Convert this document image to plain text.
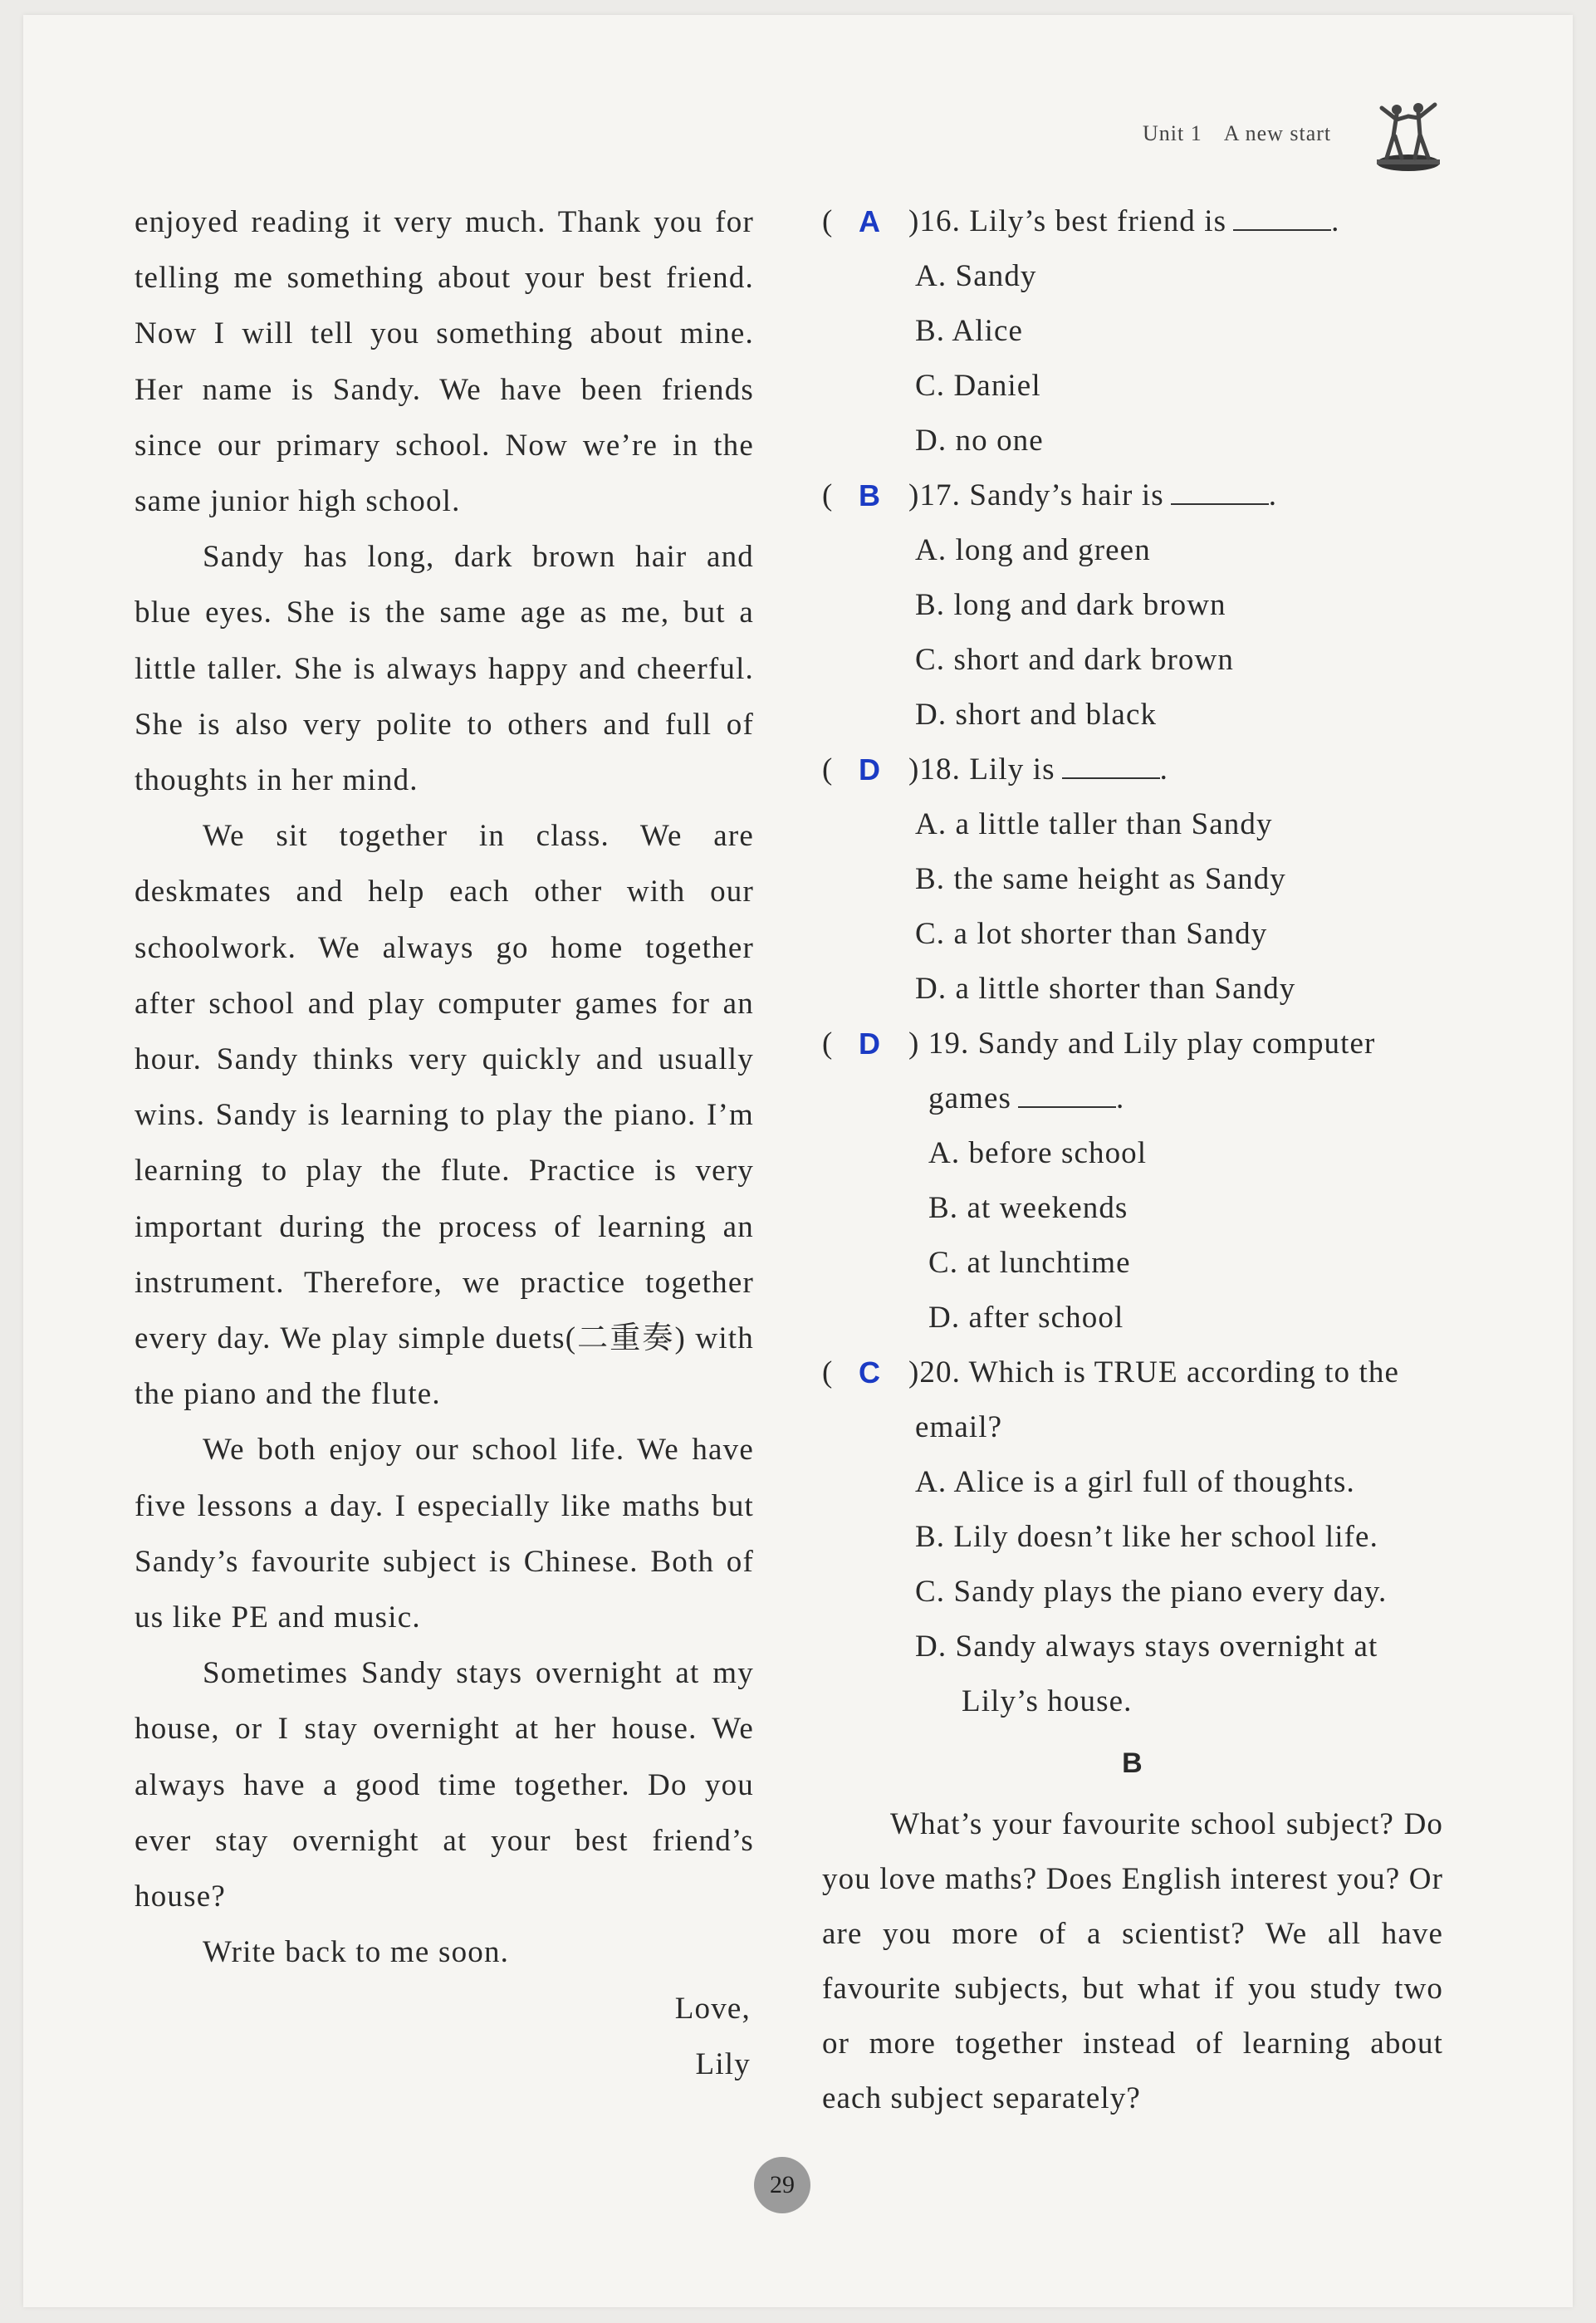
Unit 1 A new start

enjoyed reading it very much. Thank you for telling me something about your best friend. Now I will tell you something about mine. Her name is Sandy. We have been friends since our primary school. Now we’re in the same junior high school.

Sandy has long, dark brown hair and blue eyes. She is the same age as me, but a little taller. She is always happy and cheerful. She is also very polite to others and full of thoughts in her mind.

We sit together in class. We are deskmates and help each other with our schoolwork. We always go home together after school and play computer games for an hour. Sandy thinks very quickly and usually wins. Sandy is learning to play the piano. I’m learning to play the flute. Practice is very important during the process of learning an instrument. Therefore, we practice together every day. We play simple duets(二重奏) with the piano and the flute.

We both enjoy our school life. We have five lessons a day. I especially like maths but Sandy’s favourite subject is Chinese. Both of us like PE and music.

Sometimes Sandy stays overnight at my house, or I stay overnight at her house. We always have a good time together. Do you ever stay overnight at your best friend’s house?

Write back to me soon.

Love,

Lily

( A )16. Lily’s best friend is	.

A. Sandy

B. Alice

C. Daniel

D. no one

( B )17. Sandy’s hair is	.

A. long and green

B. long and dark brown

C. short and dark brown

D. short and black

( D )18. Lily is	.

A. a little taller than Sandy

B. the same height as Sandy

C. a lot shorter than Sandy

D. a little shorter than Sandy

( D ) 19. Sandy and Lily play computer

games	.

A. before school

B. at weekends

C. at lunchtime

D. after school

( C )20. Which is TRUE according to the

email?

A. Alice is a girl full of thoughts.

B. Lily doesn’t like her school life.

C. Sandy plays the piano every day.

D. Sandy always stays overnight at

Lily’s house.

B

What’s your favourite school subject? Do you love maths? Does English interest you? Or are you more of a scientist? We all have favourite subjects, but what if you study two or more together instead of learning about each subject separately?

29
